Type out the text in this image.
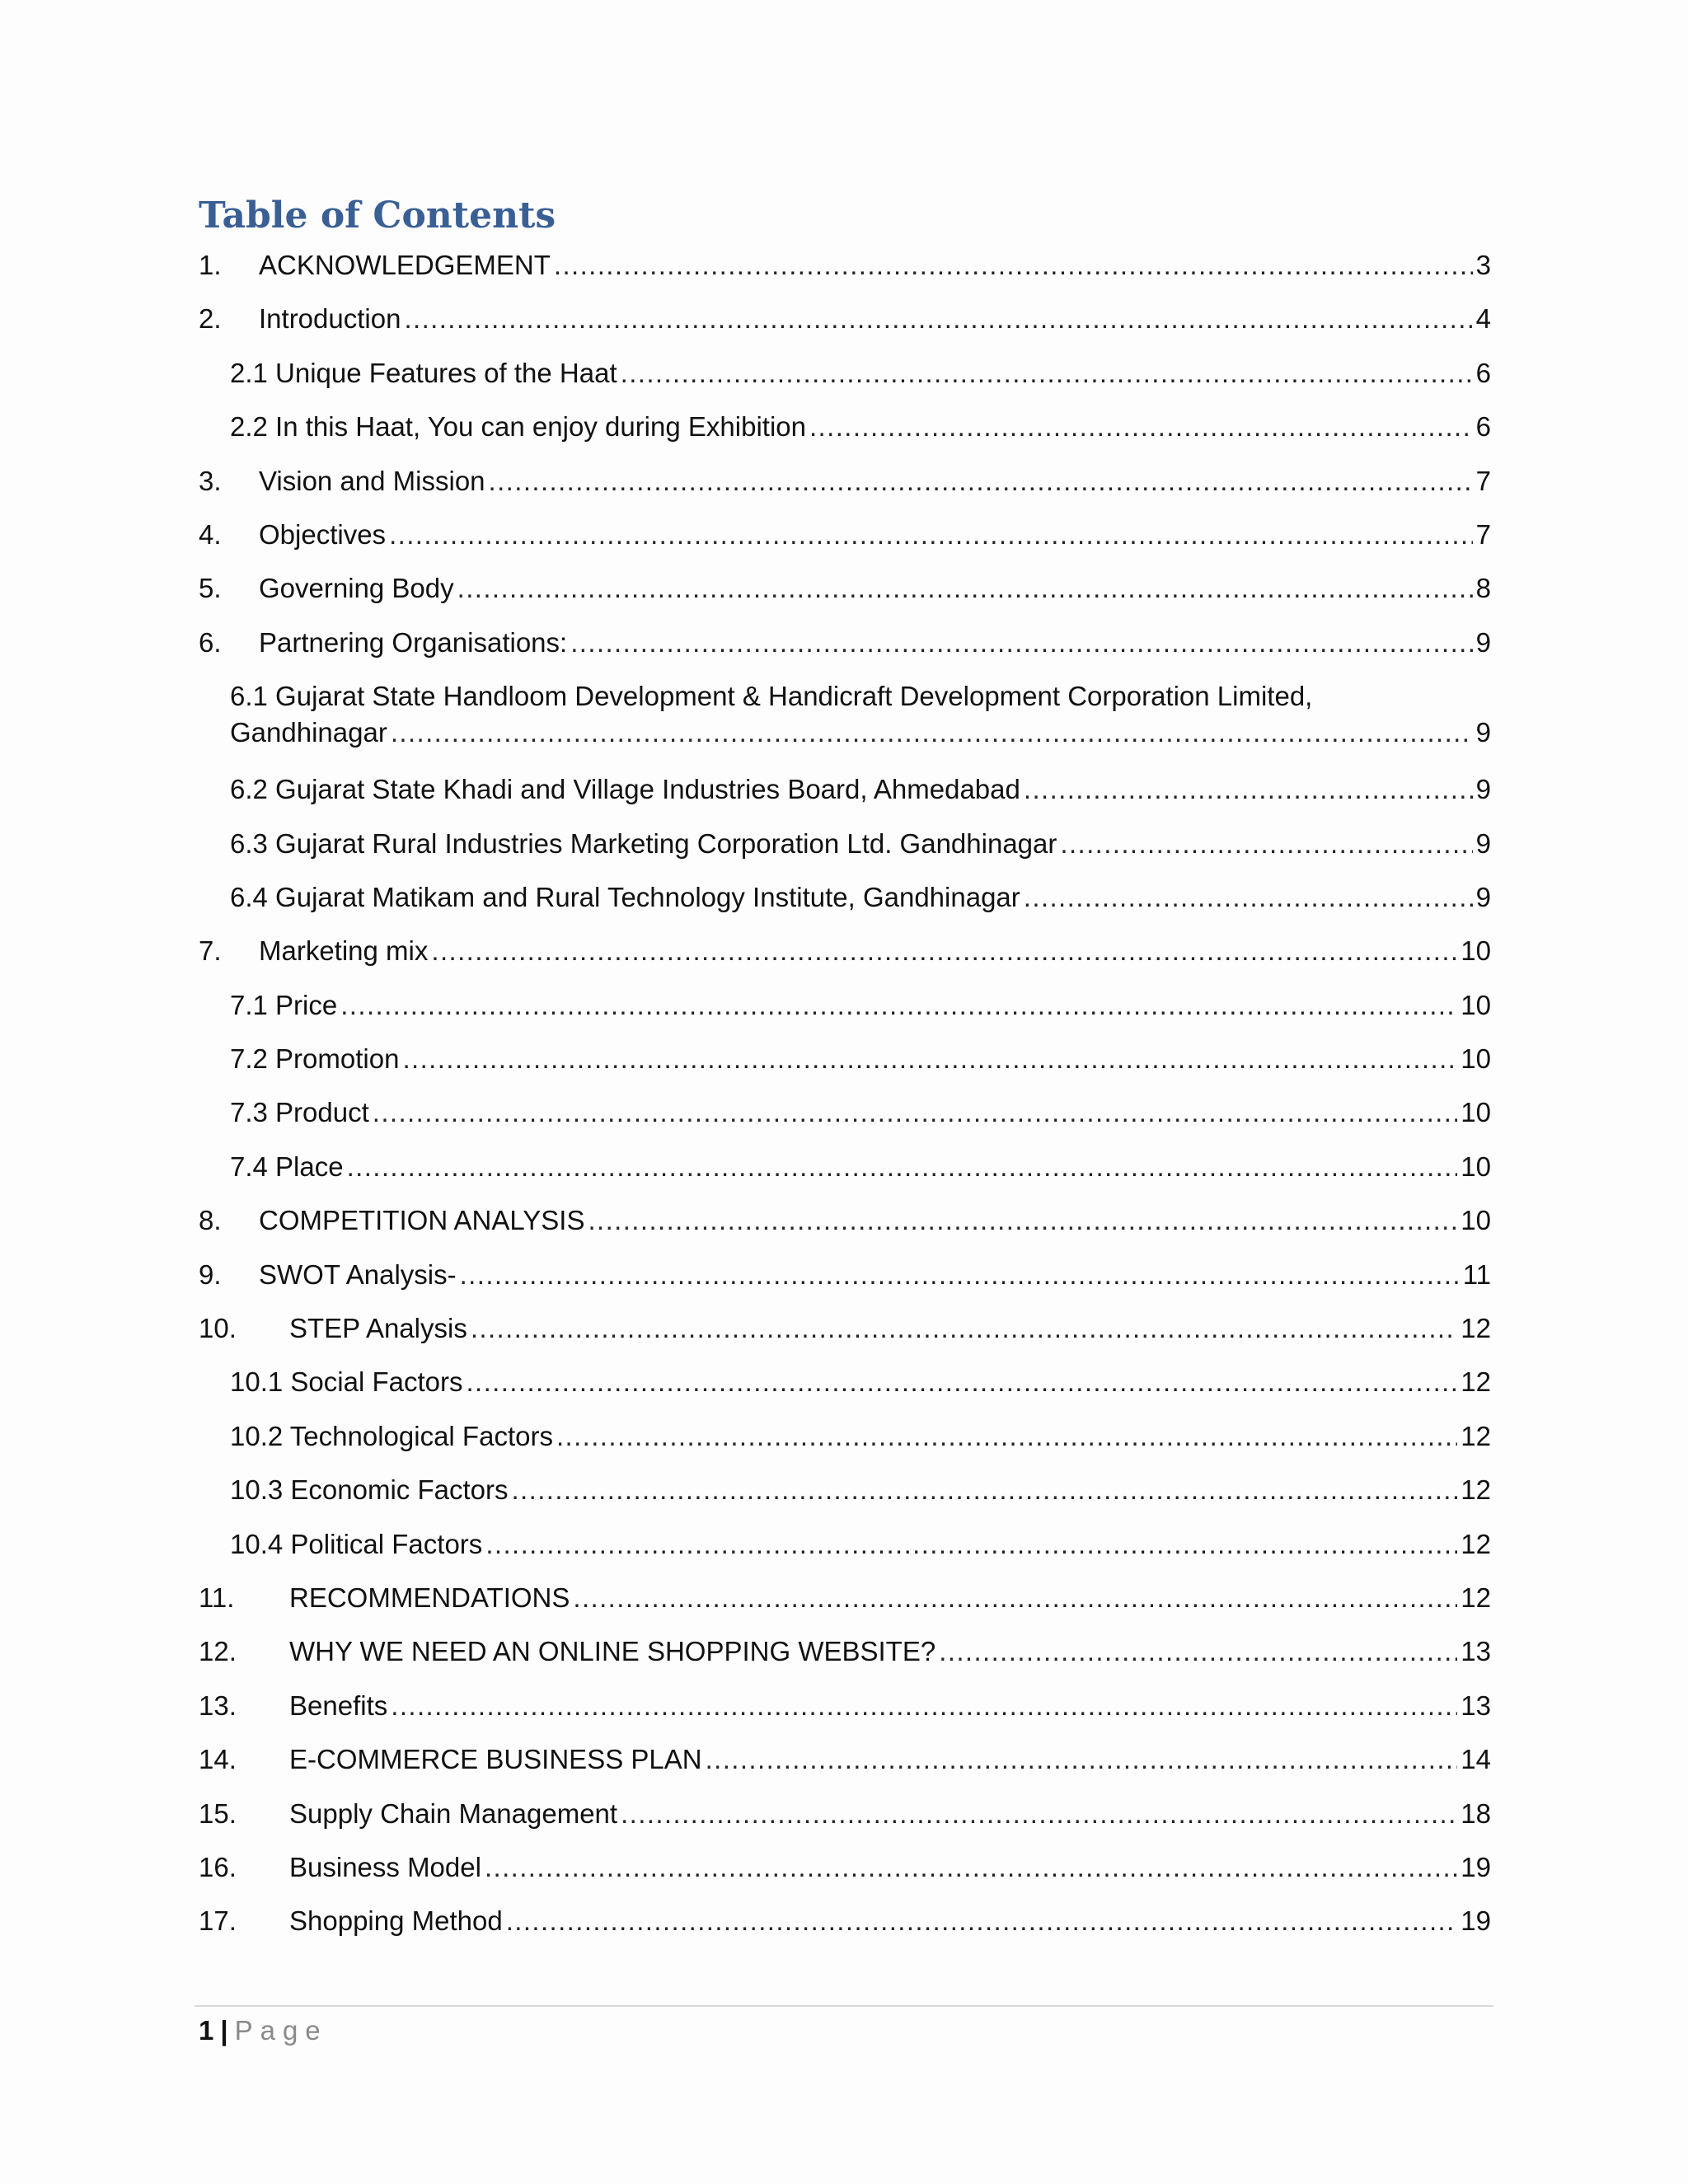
Table of Contents
1.	ACKNOWLEDGEMENT .....	3
2.	Introduction .....	4
2.1 Unique Features of the Haat .....	6
2.2 In this Haat, You can enjoy during Exhibition .....	6
3.	Vision and Mission .....	7
4.	Objectives .....	7
5.	Governing Body .....	8
6.	Partnering Organisations: .....	9
6.1 Gujarat State Handloom Development & Handicraft Development Corporation Limited,
Gandhinagar .....	9
6.2 Gujarat State Khadi and Village Industries Board, Ahmedabad .....	9
6.3 Gujarat Rural Industries Marketing Corporation Ltd. Gandhinagar .....	9
6.4 Gujarat Matikam and Rural Technology Institute, Gandhinagar .....	9
7.	Marketing mix .....	10
7.1 Price .....	10
7.2 Promotion .....	10
7.3 Product .....	10
7.4 Place .....	10
8.	COMPETITION ANALYSIS .....	10
9.	SWOT Analysis- .....	11
10.	STEP Analysis .....	12
10.1 Social Factors .....	12
10.2 Technological Factors .....	12
10.3 Economic Factors .....	12
10.4 Political Factors .....	12
11.	RECOMMENDATIONS .....	12
12.	WHY WE NEED AN ONLINE SHOPPING WEBSITE? .....	13
13.	Benefits .....	13
14.	E-COMMERCE BUSINESS PLAN .....	14
15.	Supply Chain Management .....	18
16.	Business Model .....	19
17.	Shopping Method .....	19
1 | Page
